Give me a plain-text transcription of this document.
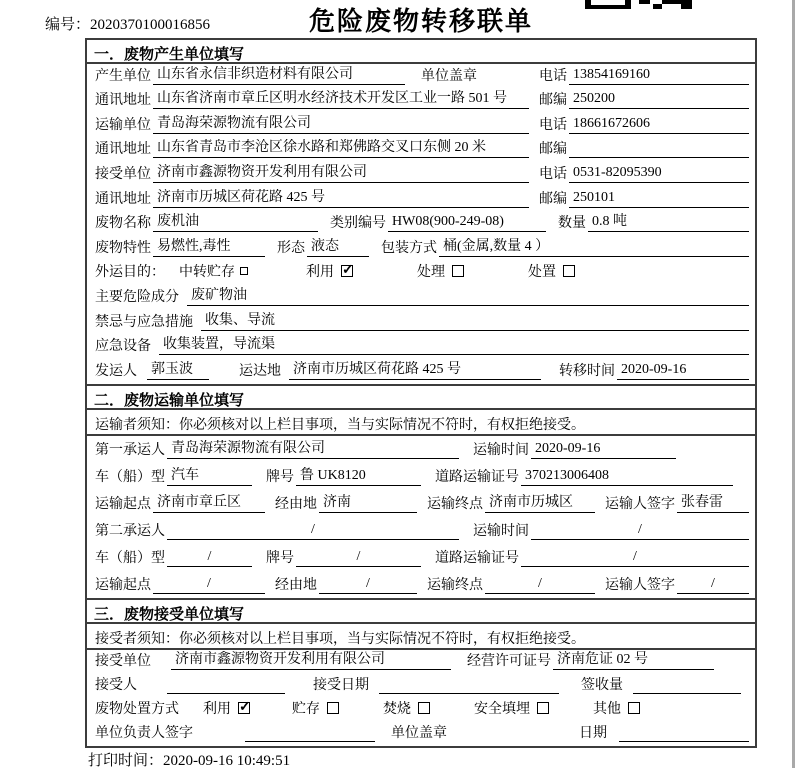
编号：2020370100016856	危险废物转移联单
一．废物产生单位填写
产生单位 山东省永信非织造材料有限公司	单位盖章	电话 13854169160
通讯地址 山东省济南市章丘区明水经济技术开发区工业一路 501 号	邮编 250200
运输单位 青岛海荣源物流有限公司	电话 18661672606
通讯地址 山东省青岛市李沧区徐水路和郑佛路交叉口东侧 20 米	邮编
接受单位 济南市鑫源物资开发利用有限公司	电话 0531-82095390
通讯地址 济南市历城区荷花路 425 号	邮编 250101
废物名称 废机油	类别编号 HW08(900-249-08)	数量 0.8 吨
废物特性 易燃性,毒性	形态 液态	包装方式 桶(金属,数量 4 ）
外运目的： 中转贮存	利用 ✓	处理	处置
主要危险成分 废矿物油
禁忌与应急措施 收集、导流
应急设备 收集装置，导流渠
发运人 郭玉波	运达地 济南市历城区荷花路 425 号	转移时间 2020-09-16
二．废物运输单位填写
运输者须知：你必须核对以上栏目事项，当与实际情况不符时，有权拒绝接受。
第一承运人 青岛海荣源物流有限公司	运输时间 2020-09-16
车（船）型 汽车	牌号 鲁 UK8120	道路运输证号 370213006408
运输起点 济南市章丘区	经由地 济南	运输终点 济南市历城区	运输人签字 张春雷
第二承运人	/	运输时间	/
车（船）型	/	牌号	/	道路运输证号	/
运输起点	/	经由地	/	运输终点	/	运输人签字	/
三．废物接受单位填写
接受者须知：你必须核对以上栏目事项，当与实际情况不符时，有权拒绝接受。
接受单位 济南市鑫源物资开发利用有限公司	经营许可证号 济南危证 02 号
接受人	接受日期	签收量
废物处置方式 利用 ✓	贮存	焚烧	安全填埋	其他
单位负责人签字	单位盖章	日期
打印时间：2020-09-16 10:49:51
